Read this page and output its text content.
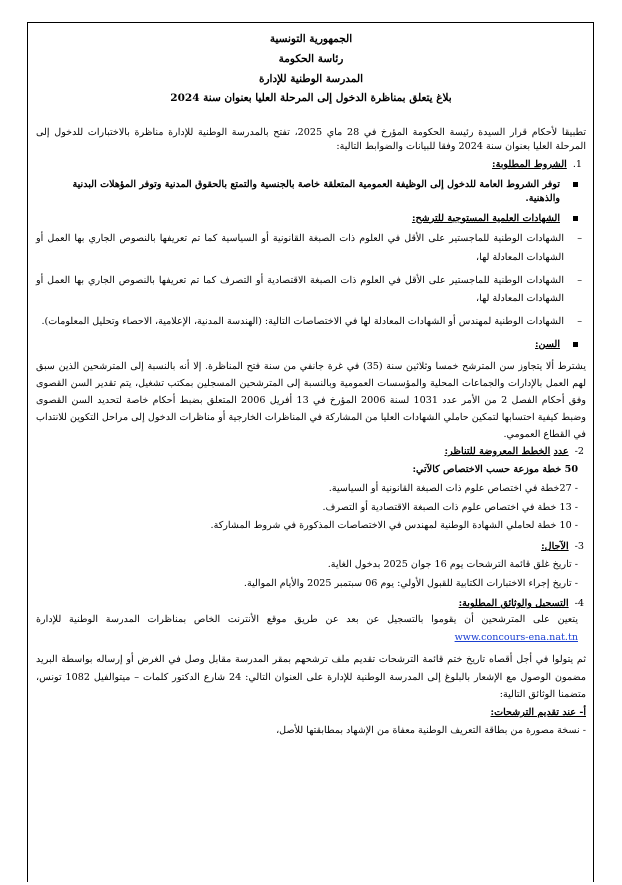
الجمهورية التونسية
رئاسة الحكومة
المدرسة الوطنية للإدارة
بلاغ يتعلق بمناظرة الدخول إلى المرحلة العليا بعنوان سنة 2024

تطبيقا لأحكام قرار السيدة رئيسة الحكومة المؤرخ في 28 ماي 2025، تفتح بالمدرسة الوطنية للإدارة مناظرة بالاختبارات للدخول إلى المرحلة العليا بعنوان سنة 2024 وفقا للبيانات والضوابط التالية:

1.الشروط المطلوبة:
توفر الشروط العامة للدخول إلى الوظيفة العمومية المتعلقة خاصة بالجنسية والتمتع بالحقوق المدنية وتوفر المؤهلات البدنية والذهنية.
الشهادات العلمية المستوجبة للترشح:
–
الشهادات الوطنية للماجستير على الأقل في العلوم ذات الصبغة القانونية أو السياسية كما تم تعريفها بالنصوص الجاري بها العمل أو الشهادات المعادلة لها،
–
الشهادات الوطنية للماجستير على الأقل في العلوم ذات الصبغة الاقتصادية أو التصرف كما تم تعريفها بالنصوص الجاري بها العمل أو الشهادات المعادلة لها،
–
الشهادات الوطنية لمهندس أو الشهادات المعادلة لها في الاختصاصات التالية: (الهندسة المدنية، الإعلامية، الاحصاء وتحليل المعلومات).
السن:

يشترط ألا يتجاوز سن المترشح خمسا وثلاثين سنة (35) في غرة جانفي من سنة فتح المناظرة. إلا أنه بالنسبة إلى المترشحين الذين سبق لهم العمل بالإدارات والجماعات المحلية والمؤسسات العمومية وبالنسبة إلى المترشحين المسجلين بمكتب تشغيل، يتم تقدير السن القصوى وفق أحكام الفصل 2 من الأمر عدد 1031 لسنة 2006 المؤرخ في 13 أفريل 2006 المتعلق بضبط أحكام خاصة لتحديد السن القصوى وضبط كيفية احتسابها لتمكين حاملي الشهادات العليا من المشاركة في المناظرات الخارجية أو مناظرات الدخول إلى مراحل التكوين للانتداب في القطاع العمومي.

2-عدد الخطط المعروضة للتناظر:
50 خطة موزعة حسب الاختصاص كالآتي:
- 27خطة في اختصاص علوم ذات الصبغة القانونية أو السياسية.
- 13 خطة في اختصاص علوم ذات الصبغة الاقتصادية أو التصرف.
- 10 خطة لحاملي الشهادة الوطنية لمهندس في الاختصاصات المذكورة في شروط المشاركة.
3-الآجال:
- تاريخ غلق قائمة الترشحات يوم 16 جوان 2025 بدخول الغاية.
- تاريخ إجراء الاختبارات الكتابية للقبول الأولي: يوم 06 سبتمبر 2025 والأيام الموالية.
4-التسجيل والوثائق المطلوبة:

يتعين على المترشحين أن يقوموا بالتسجيل عن بعد عن طريق موقع الأنترنت الخاص بمناظرات المدرسة الوطنية للإدارة www.concours-ena.nat.tn

ثم يتولوا في أجل أقصاه تاريخ ختم قائمة الترشحات تقديم ملف ترشحهم بمقر المدرسة مقابل وصل في الغرض أو إرساله بواسطة البريد مضمون الوصول مع الإشعار بالبلوغ إلى المدرسة الوطنية للإدارة على العنوان التالي: 24 شارع الدكتور كلمات – ميتوالفيل 1082 تونس، متضمنا الوثائق التالية:

أ- عند تقديم الترشحات:
- نسخة مصورة من بطاقة التعريف الوطنية معفاة من الإشهاد بمطابقتها للأصل،
